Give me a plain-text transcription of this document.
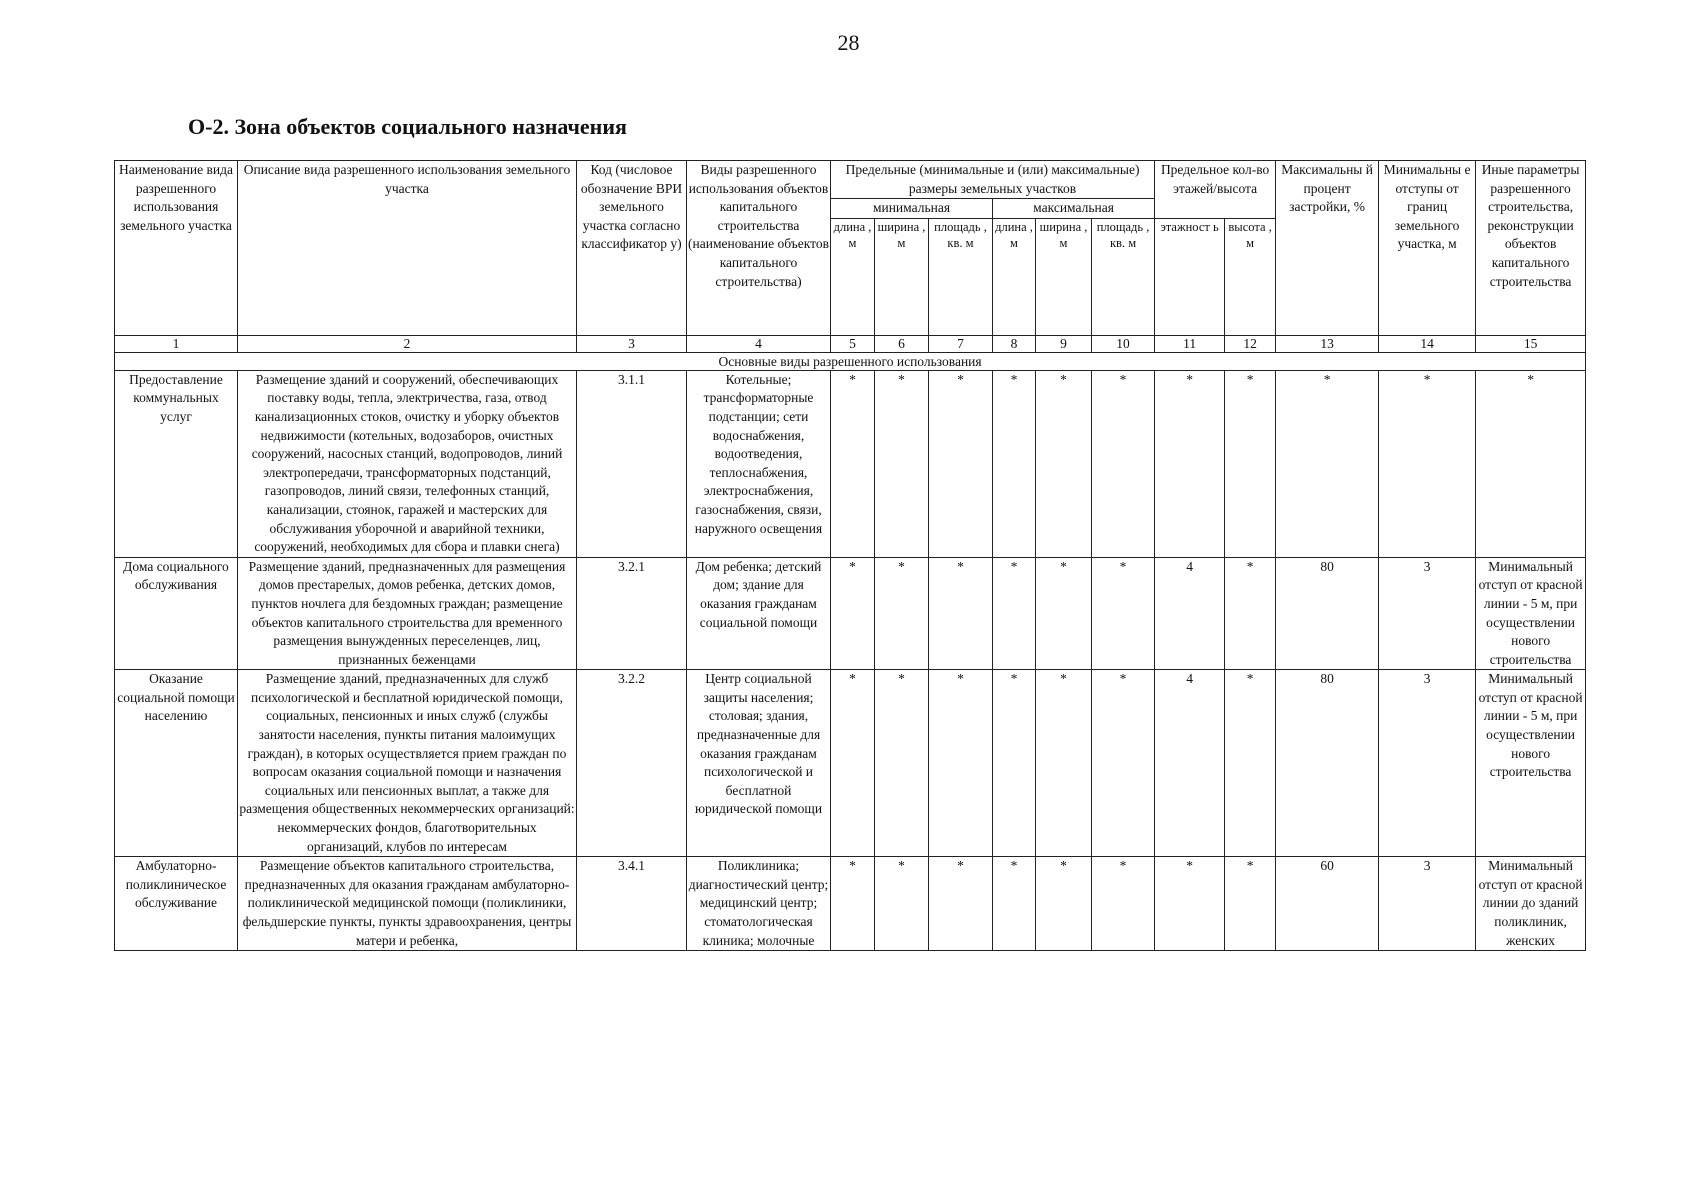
28
О-2. Зона объектов социального назначения
Наименование вида разрешенного использования земельного участка	Описание вида разрешенного использования земельного участка	Код (числовое обозначение ВРИ земельного участка согласно классификатор у)	Виды разрешенного использования объектов капитального строительства (наименование объектов капитального строительства)	Предельные (минимальные и (или) максимальные) размеры земельных участков						Предельное кол-во этажей/высота		Максимальны й процент застройки, %	Минимальны е отступы от границ земельного участка, м	Иные параметры разрешенного строительства, реконструкции объектов капитального строительства
				минимальная			максимальная							
				длина , м	ширина , м	площадь , кв. м	длина , м	ширина , м	площадь , кв. м	этажност ь	высота , м			
1	2	3	4	5	6	7	8	9	10	11	12	13	14	15
Основные виды разрешенного использования														
Предоставление коммунальных услуг	Размещение зданий и сооружений, обеспечивающих поставку воды, тепла, электричества, газа, отвод канализационных стоков, очистку и уборку объектов недвижимости (котельных, водозаборов, очистных сооружений, насосных станций, водопроводов, линий электропередачи, трансформаторных подстанций, газопроводов, линий связи, телефонных станций, канализации, стоянок, гаражей и мастерских для обслуживания уборочной и аварийной техники, сооружений, необходимых для сбора и плавки снега)	3.1.1	Котельные; трансформаторные подстанции; сети водоснабжения, водоотведения, теплоснабжения, электроснабжения, газоснабжения, связи, наружного освещения	*	*	*	*	*	*	*	*	*	*	*
Дома социального обслуживания	Размещение зданий, предназначенных для размещения домов престарелых, домов ребенка, детских домов, пунктов ночлега для бездомных граждан; размещение объектов капитального строительства для временного размещения вынужденных переселенцев, лиц, признанных беженцами	3.2.1	Дом ребенка; детский дом; здание для оказания гражданам социальной помощи	*	*	*	*	*	*	4	*	80	3	Минимальный отступ от красной линии - 5 м, при осуществлении нового строительства
Оказание социальной помощи населению	Размещение зданий, предназначенных для служб психологической и бесплатной юридической помощи, социальных, пенсионных и иных служб (службы занятости населения, пункты питания малоимущих граждан), в которых осуществляется прием граждан по вопросам оказания социальной помощи и назначения социальных или пенсионных выплат, а также для размещения общественных некоммерческих организаций: некоммерческих фондов, благотворительных организаций, клубов по интересам	3.2.2	Центр социальной защиты населения; столовая; здания, предназначенные для оказания гражданам психологической и бесплатной юридической помощи	*	*	*	*	*	*	4	*	80	3	Минимальный отступ от красной линии - 5 м, при осуществлении нового строительства
Амбулаторно-поликлиническое обслуживание	Размещение объектов капитального строительства, предназначенных для оказания гражданам амбулаторно-поликлинической медицинской помощи (поликлиники, фельдшерские пункты, пункты здравоохранения, центры матери и ребенка,	3.4.1	Поликлиника; диагностический центр; медицинский центр; стоматологическая клиника; молочные	*	*	*	*	*	*	*	*	60	3	Минимальный отступ от красной линии до зданий поликлиник, женских
